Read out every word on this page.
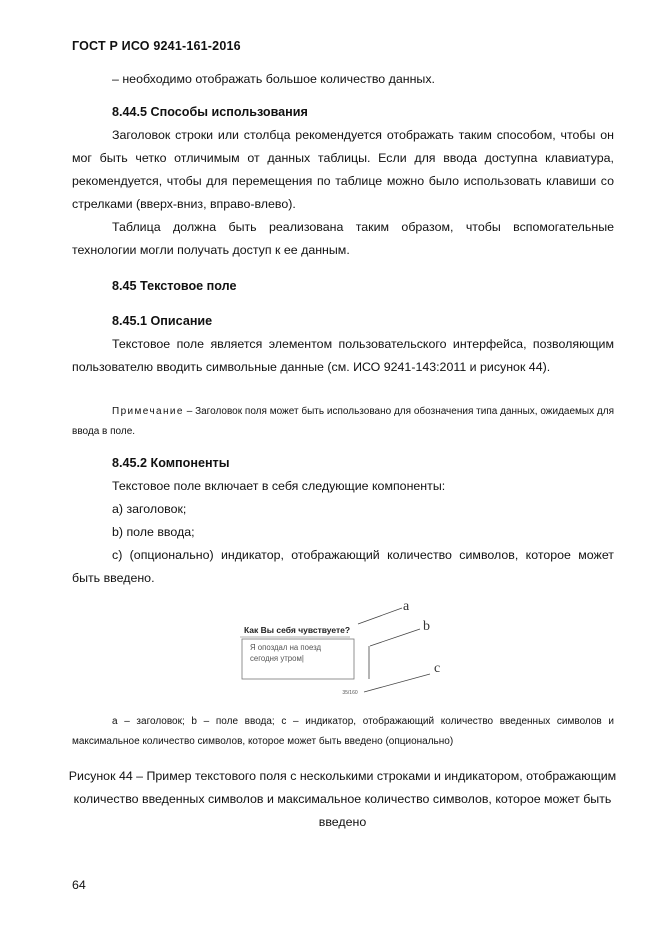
ГОСТ Р ИСО 9241-161-2016
– необходимо отображать большое количество данных.
8.44.5 Способы использования
Заголовок строки или столбца рекомендуется отображать таким способом, чтобы он мог быть четко отличимым от данных таблицы. Если для ввода доступна клавиатура, рекомендуется, чтобы для перемещения по таблице можно было использовать клавиши со стрелками (вверх-вниз, вправо-влево).
Таблица должна быть реализована таким образом, чтобы вспомогательные технологии могли получать доступ к ее данным.
8.45 Текстовое поле
8.45.1 Описание
Текстовое поле является элементом пользовательского интерфейса, позволяющим пользователю вводить символьные данные (см. ИСО 9241-143:2011 и рисунок 44).
Примечание – Заголовок поля может быть использовано для обозначения типа данных, ожидаемых для ввода в поле.
8.45.2 Компоненты
Текстовое поле включает в себя следующие компоненты:
а) заголовок;
b) поле ввода;
с) (опционально) индикатор, отображающий количество символов, которое может быть введено.
Как Вы себя чувствуете?
Я опоздал на поезд
сегодня утром|
35/160
a
b
c
а – заголовок; b – поле ввода; с – индикатор, отображающий количество введенных символов и максимальное количество символов, которое может быть введено (опционально)
Рисунок 44 – Пример текстового поля с несколькими строками и индикатором, отображающим количество введенных символов и максимальное количество символов, которое может быть введено
64
